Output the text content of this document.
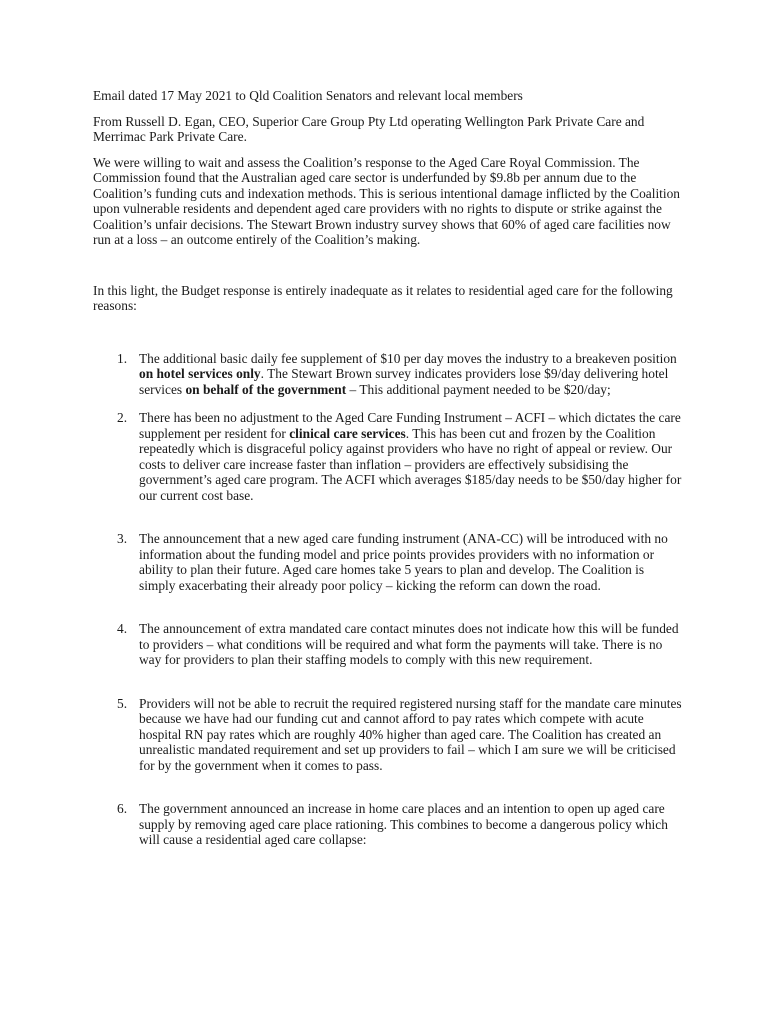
Email dated 17 May 2021 to Qld Coalition Senators and relevant local members

From Russell D. Egan, CEO, Superior Care Group Pty Ltd operating Wellington Park Private Care and Merrimac Park Private Care.

We were willing to wait and assess the Coalition’s response to the Aged Care Royal Commission. The Commission found that the Australian aged care sector is underfunded by $9.8b per annum due to the Coalition’s funding cuts and indexation methods. This is serious intentional damage inflicted by the Coalition upon vulnerable residents and dependent aged care providers with no rights to dispute or strike against the Coalition’s unfair decisions. The Stewart Brown industry survey shows that 60% of aged care facilities now run at a loss – an outcome entirely of the Coalition’s making.

In this light, the Budget response is entirely inadequate as it relates to residential aged care for the following reasons:

1. The additional basic daily fee supplement of $10 per day moves the industry to a breakeven position on hotel services only. The Stewart Brown survey indicates providers lose $9/day delivering hotel services on behalf of the government – This additional payment needed to be $20/day;
2. There has been no adjustment to the Aged Care Funding Instrument – ACFI – which dictates the care supplement per resident for clinical care services. This has been cut and frozen by the Coalition repeatedly which is disgraceful policy against providers who have no right of appeal or review. Our costs to deliver care increase faster than inflation – providers are effectively subsidising the government’s aged care program. The ACFI which averages $185/day needs to be $50/day higher for our current cost base.
3. The announcement that a new aged care funding instrument (ANA-CC) will be introduced with no information about the funding model and price points provides providers with no information or ability to plan their future. Aged care homes take 5 years to plan and develop. The Coalition is simply exacerbating their already poor policy – kicking the reform can down the road.
4. The announcement of extra mandated care contact minutes does not indicate how this will be funded to providers – what conditions will be required and what form the payments will take. There is no way for providers to plan their staffing models to comply with this new requirement.
5. Providers will not be able to recruit the required registered nursing staff for the mandate care minutes because we have had our funding cut and cannot afford to pay rates which compete with acute hospital RN pay rates which are roughly 40% higher than aged care. The Coalition has created an unrealistic mandated requirement and set up providers to fail – which I am sure we will be criticised for by the government when it comes to pass.
6. The government announced an increase in home care places and an intention to open up aged care supply by removing aged care place rationing. This combines to become a dangerous policy which will cause a residential aged care collapse:
